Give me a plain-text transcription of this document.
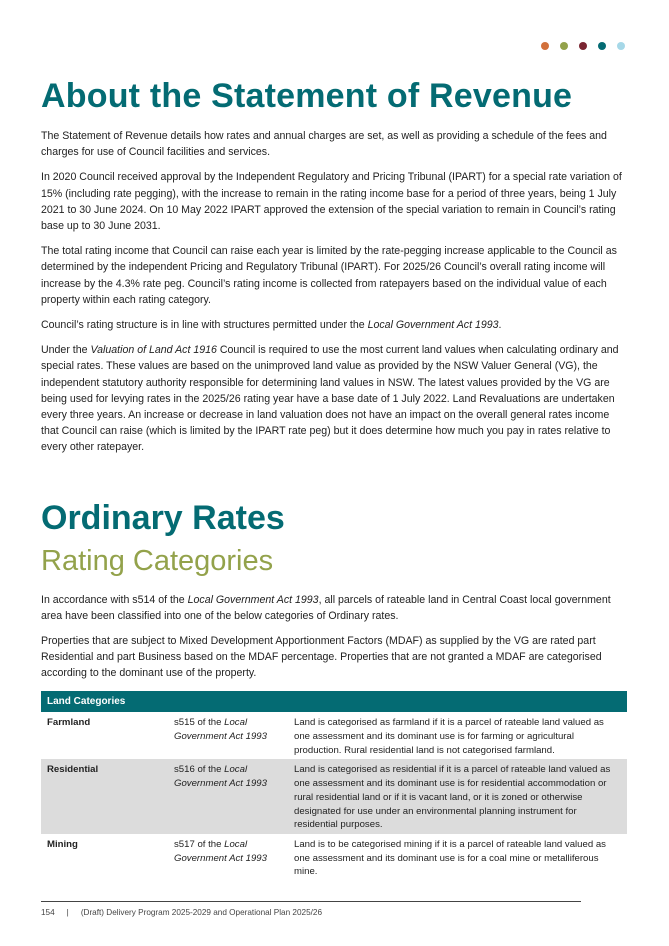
About the Statement of Revenue

The Statement of Revenue details how rates and annual charges are set, as well as providing a schedule of the fees and charges for use of Council facilities and services.

In 2020 Council received approval by the Independent Regulatory and Pricing Tribunal (IPART) for a special rate variation of 15% (including rate pegging), with the increase to remain in the rating income base for a period of three years, being 1 July 2021 to 30 June 2024. On 10 May 2022 IPART approved the extension of the special variation to remain in Council’s rating base up to 30 June 2031.

The total rating income that Council can raise each year is limited by the rate-pegging increase applicable to the Council as determined by the independent Pricing and Regulatory Tribunal (IPART). For 2025/26 Council’s overall rating income will increase by the 4.3% rate peg. Council’s rating income is collected from ratepayers based on the individual value of each property within each rating category.

Council’s rating structure is in line with structures permitted under the Local Government Act 1993.

Under the Valuation of Land Act 1916 Council is required to use the most current land values when calculating ordinary and special rates. These values are based on the unimproved land value as provided by the NSW Valuer General (VG), the independent statutory authority responsible for determining land values in NSW. The latest values provided by the VG are being used for levying rates in the 2025/26 rating year have a base date of 1 July 2022. Land Revaluations are undertaken every three years. An increase or decrease in land valuation does not have an impact on the overall general rates income that Council can raise (which is limited by the IPART rate peg) but it does determine how much you pay in rates relative to every other ratepayer.

Ordinary Rates
Rating Categories

In accordance with s514 of the Local Government Act 1993, all parcels of rateable land in Central Coast local government area have been classified into one of the below categories of Ordinary rates.

Properties that are subject to Mixed Development Apportionment Factors (MDAF) as supplied by the VG are rated part Residential and part Business based on the MDAF percentage. Properties that are not granted a MDAF are categorised according to the dominant use of the property.

Land Categories		
Farmland	s515 of the Local Government Act 1993	Land is categorised as farmland if it is a parcel of rateable land valued as one assessment and its dominant use is for farming or agricultural production. Rural residential land is not categorised farmland.
Residential	s516 of the Local Government Act 1993	Land is categorised as residential if it is a parcel of rateable land valued as one assessment and its dominant use is for residential accommodation or rural residential land or if it is vacant land, or it is zoned or otherwise designated for use under an environmental planning instrument for residential purposes.
Mining	s517 of the Local Government Act 1993	Land is to be categorised mining if it is a parcel of rateable land valued as one assessment and its dominant use is for a coal mine or metalliferous mine.
154 | (Draft) Delivery Program 2025-2029 and Operational Plan 2025/26
